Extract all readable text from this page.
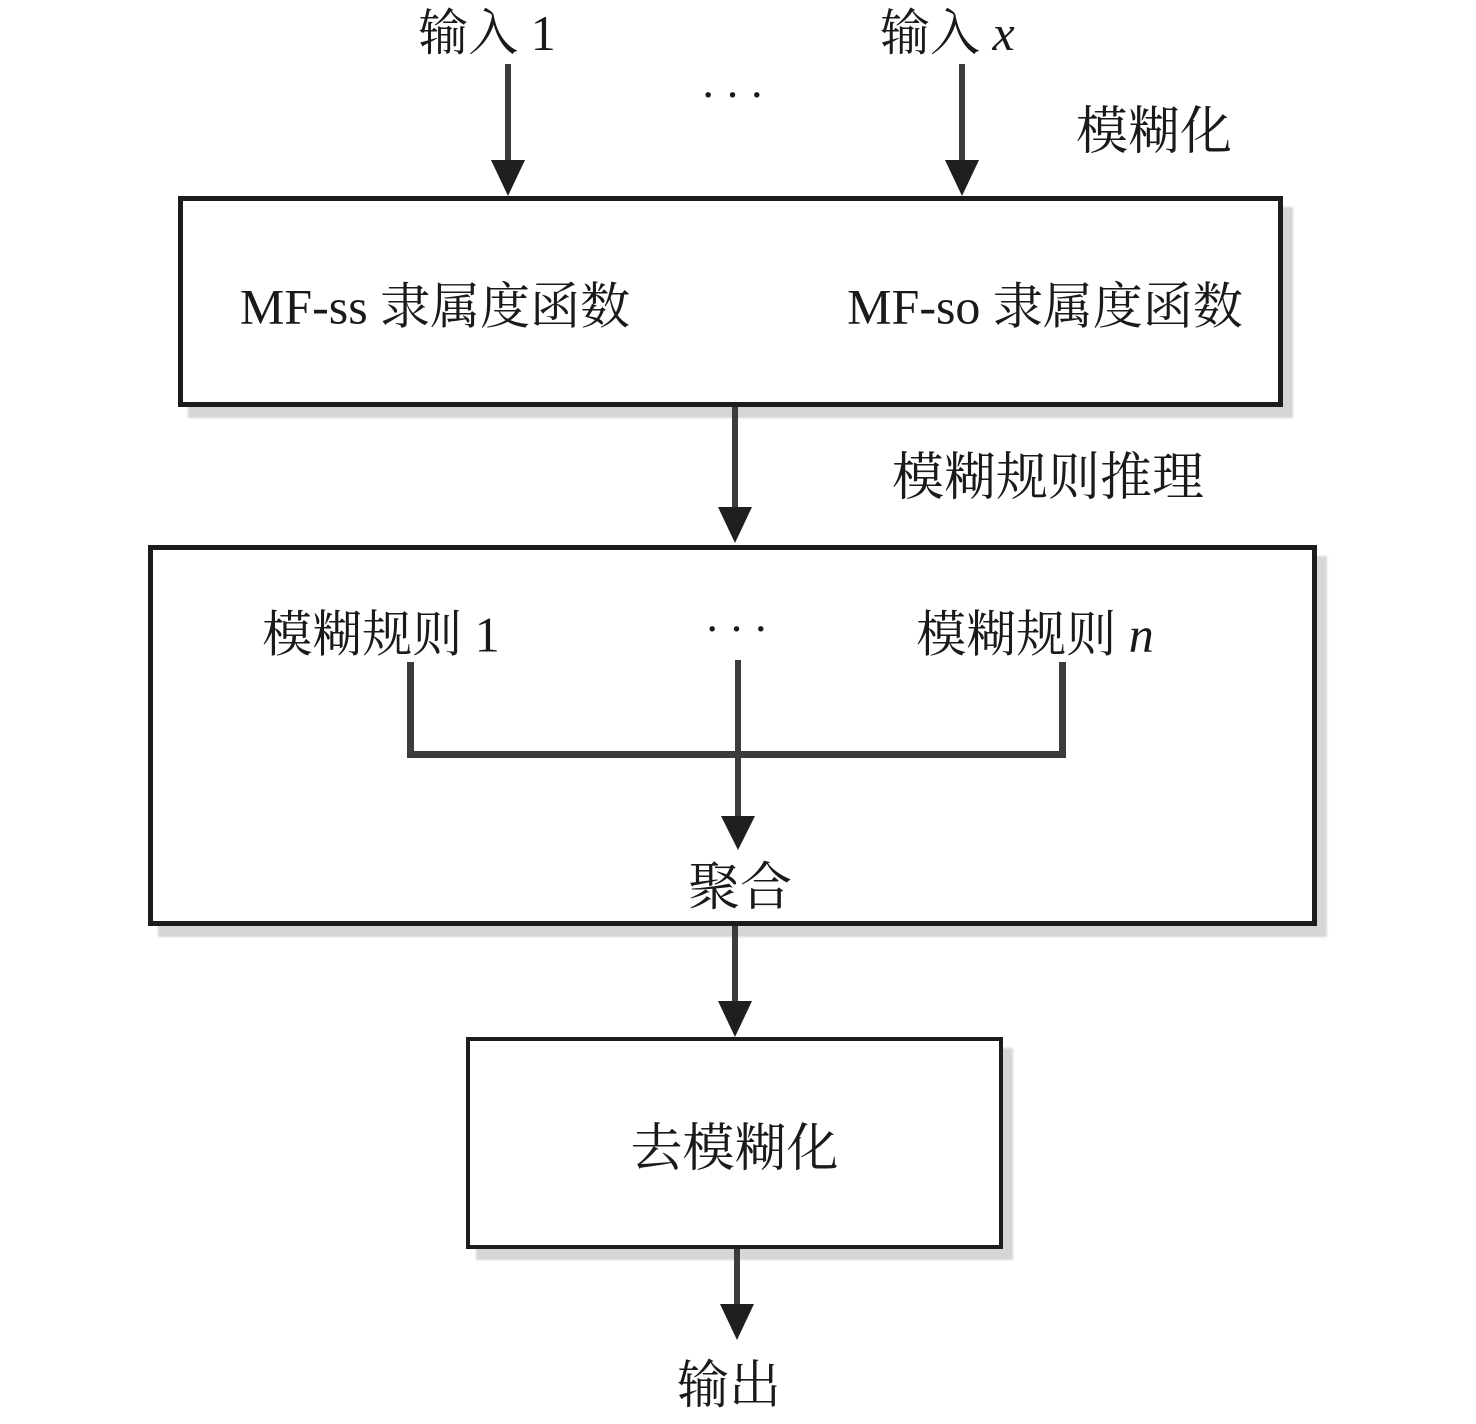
输入 1	输入 x
···
模糊化
MF-ss 隶属度函数	MF-so 隶属度函数
模糊规则推理
模糊规则 1	···	模糊规则 n
聚合
去模糊化
输出
